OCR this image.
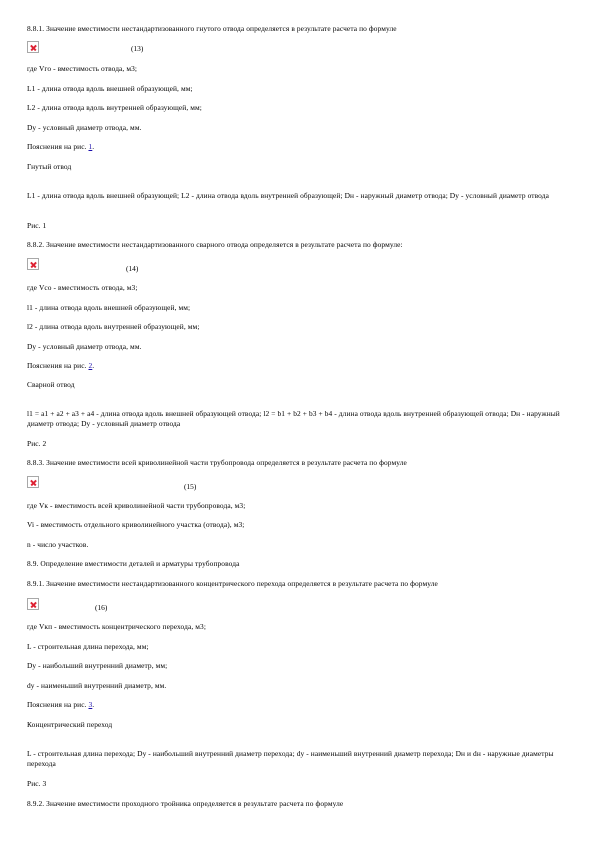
8.8.1. Значение вместимости нестандартизованного гнутого отвода определяется в результате расчета по формуле
(13)
где Vго - вместимость отвода, м3;
L1 - длина отвода вдоль внешней образующей, мм;
L2 - длина отвода вдоль внутренней образующей, мм;
Dy - условный диаметр отвода, мм.
Пояснения на рис. 1.
Гнутый отвод
L1 - длина отвода вдоль внешней образующей; L2 - длина отвода вдоль внутренней образующей; Dн - наружный диаметр отвода; Dy - условный диаметр отвода
Рис. 1
8.8.2. Значение вместимости нестандартизованного сварного отвода определяется в результате расчета по формуле:
(14)
где Vсо - вместимость отвода, м3;
l1 - длина отвода вдоль внешней образующей, мм;
l2 - длина отвода вдоль внутренней образующей, мм;
Dy - условный диаметр отвода, мм.
Пояснения на рис. 2.
Сварной отвод
l1 = a1 + a2 + a3 + a4 - длина отвода вдоль внешней образующей отвода; l2 = b1 + b2 + b3 + b4 - длина отвода вдоль внутренней образующей отвода; Dн - наружный диаметр отвода; Dy - условный диаметр отвода
Рис. 2
8.8.3. Значение вместимости всей криволинейной части трубопровода определяется в результате расчета по формуле
(15)
где Vк - вместимость всей криволинейной части трубопровода, м3;
Vi - вместимость отдельного криволинейного участка (отвода), м3;
n - число участков.
8.9. Определение вместимости деталей и арматуры трубопровода
8.9.1. Значение вместимости нестандартизованного концентрического перехода определяется в результате расчета по формуле
(16)
где Vкп - вместимость концентрического перехода, м3;
L - строительная длина перехода, мм;
Dy - наибольший внутренний диаметр, мм;
dy - наименьший внутренний диаметр, мм.
Пояснения на рис. 3.
Концентрический переход
L - строительная длина перехода; Dy - наибольший внутренний диаметр перехода; dy - наименьший внутренний диаметр перехода; Dн и dн - наружные диаметры перехода
Рис. 3
8.9.2. Значение вместимости проходного тройника определяется в результате расчета по формуле
